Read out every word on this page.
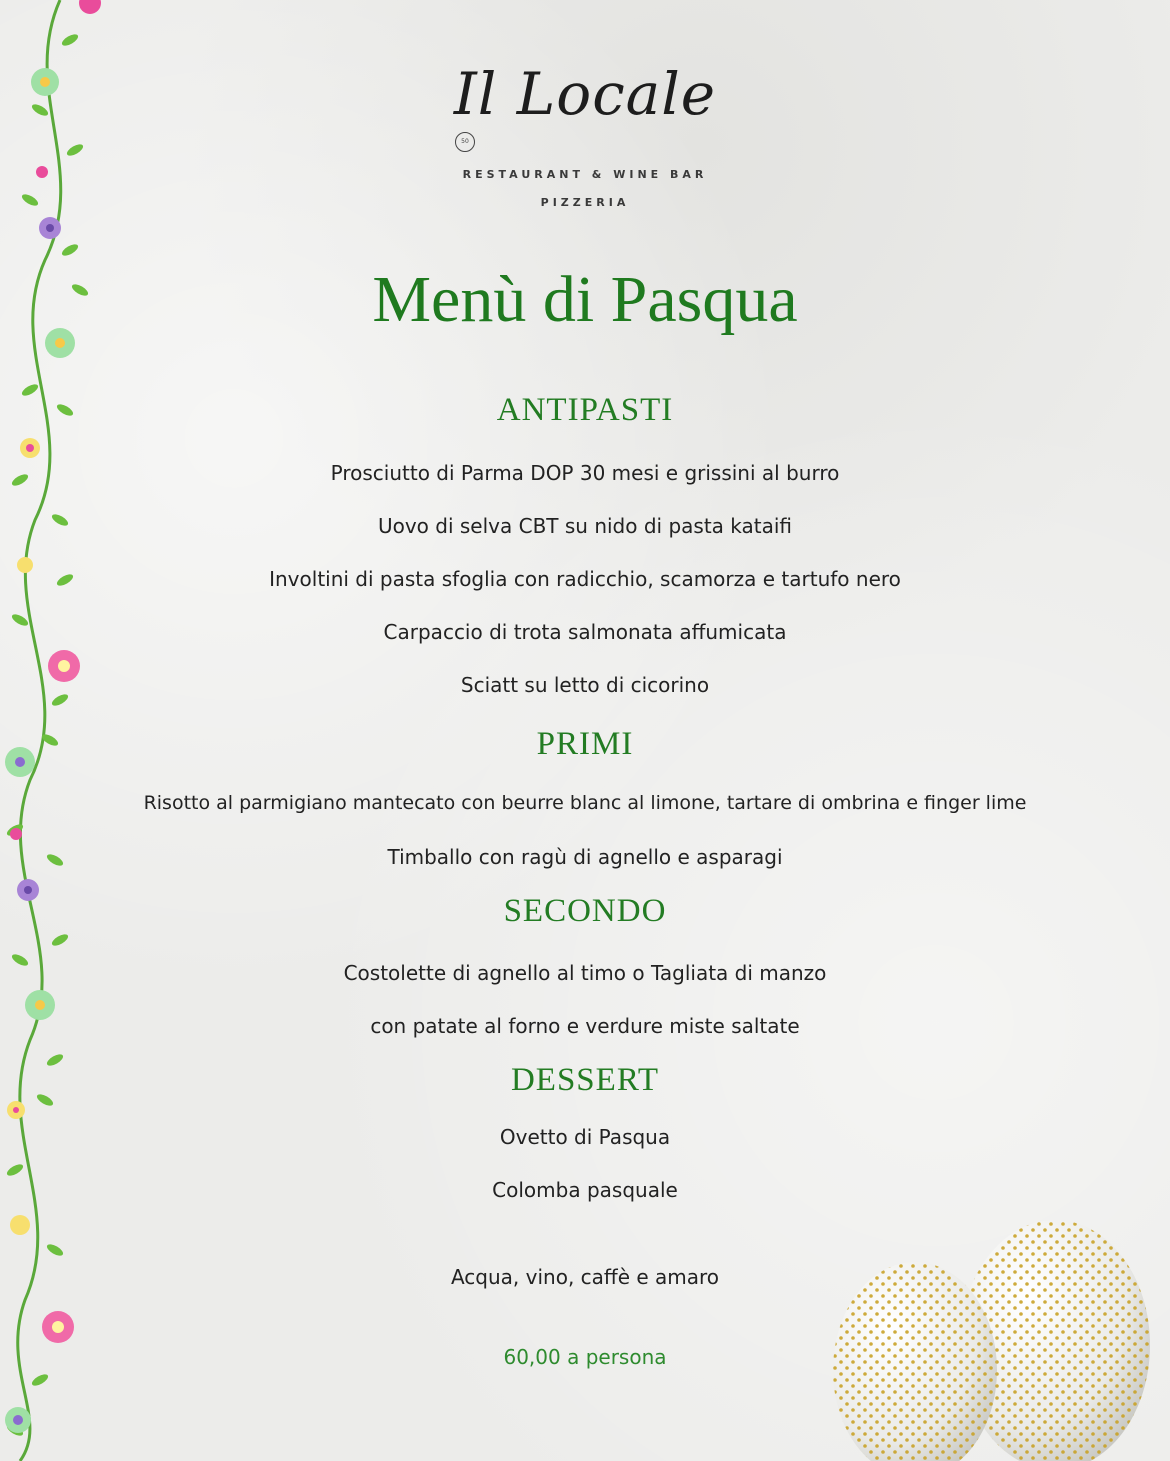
Il Locale
50
RESTAURANT & WINE BAR
PIZZERIA
Menù di Pasqua
ANTIPASTI
Prosciutto di Parma DOP 30 mesi e grissini al burro
Uovo di selva CBT su nido di pasta kataifi
Involtini di pasta sfoglia con radicchio, scamorza e tartufo nero
Carpaccio di trota salmonata affumicata
Sciatt su letto di cicorino
PRIMI
Risotto al parmigiano mantecato con beurre blanc al limone, tartare di ombrina e finger lime
Timballo con ragù di agnello e asparagi
SECONDO
Costolette di agnello al timo o Tagliata di manzo
con patate al forno e verdure miste saltate
DESSERT
Ovetto di Pasqua
Colomba pasquale
Acqua, vino, caffè e amaro
60,00 a persona
